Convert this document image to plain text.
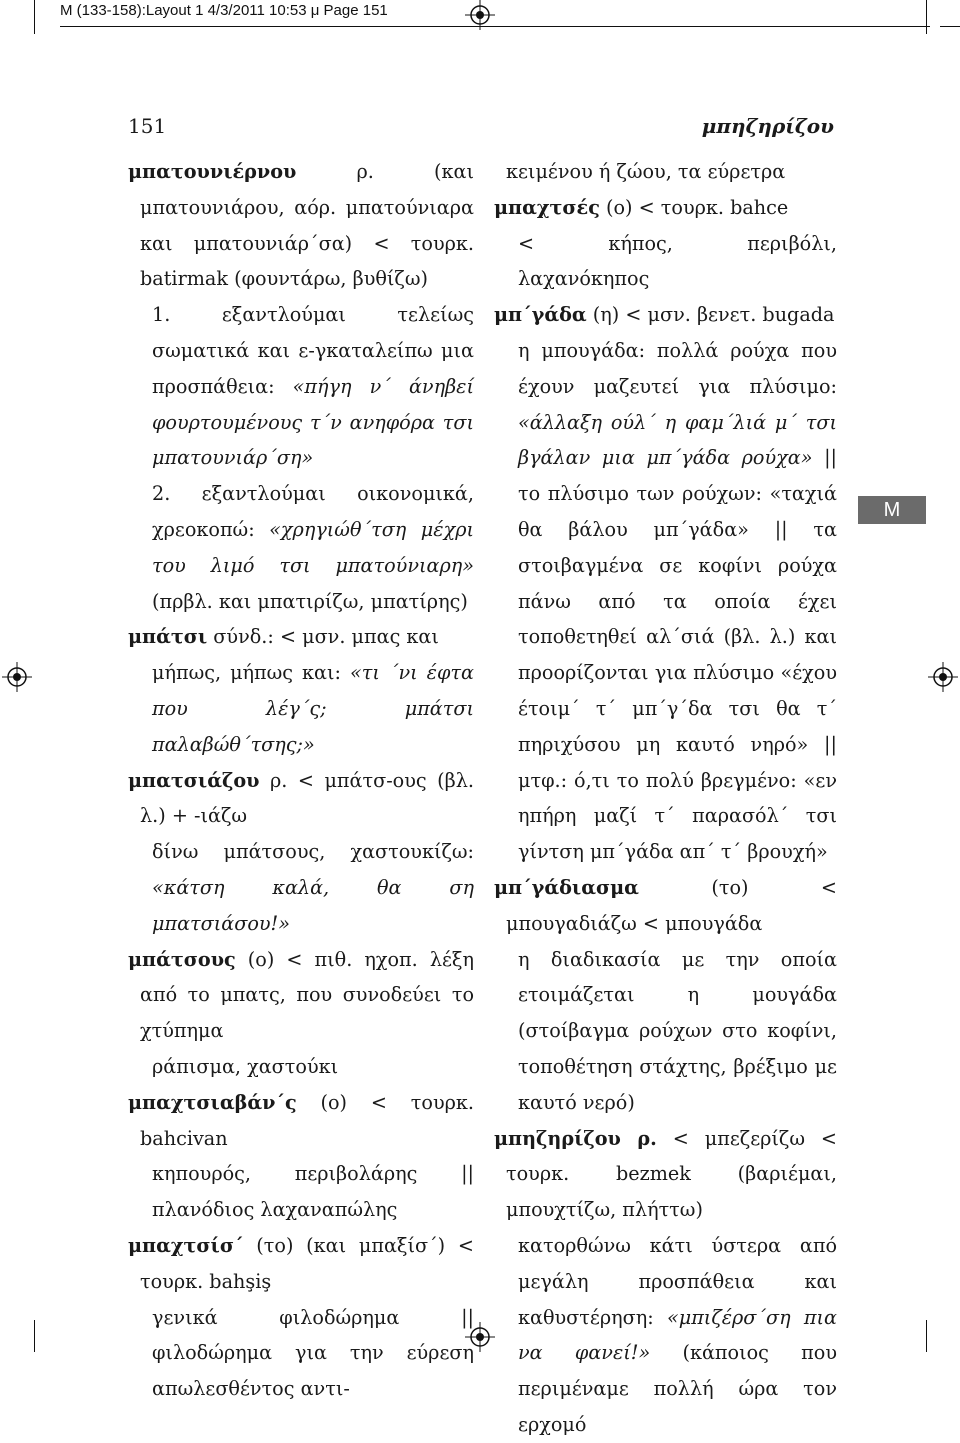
M (133-158):Layout 1 4/3/2011 10:53 μ Page 151
151	μπηζηρίζου
Μ

μπατουνιέρνου ρ. (και μπατουνιάρου, αόρ. μπατούνιαρα και μπατουνιάρ΄σα) < τουρκ. batirmak (φουντάρω, βυθίζω)
1. εξαντλούμαι τελείως σωματικά και ε-γκαταλείπω μια προσπάθεια: «πήγη ν΄ άνηβεί φουρτουμένους τ΄ν ανηφόρα τσι μπατουνιάρ΄ση»
2. εξαντλούμαι οικονομικά, χρεοκοπώ: «χρηγιώθ΄τση μέχρι του λιμό τσι μπατούνιαρη» (πρβλ. και μπατιρίζω, μπατίρης)

μπάτσι σύνδ.: < μσν. μπας και
μήπως, μήπως και: «τι ΄νι έφτα που λέγ΄ς; μπάτσι παλαβώθ΄τσης;»

μπατσιάζου ρ. < μπάτσ-ους (βλ. λ.) + -ιάζω
δίνω μπάτσους, χαστουκίζω: «κάτση καλά, θα ση μπατσιάσου!»

μπάτσους (ο) < πιθ. ηχοπ. λέξη από το μπατς, που συνοδεύει το χτύπημα
ράπισμα, χαστούκι

μπαχτσιαβάν΄ς (ο) < τουρκ. bahcivan
κηπουρός, περιβολάρης || πλανόδιος λαχαναπώλης

μπαχτσίσ΄ (το) (και μπαξίσ΄) < τουρκ. bahşiş
γενικά φιλοδώρημα || φιλοδώρημα για την εύρεση απωλεσθέντος αντι-

κειμένου ή ζώου, τα εύρετρα

μπαχτσές (ο) < τουρκ. bahce
< κήπος, περιβόλι, λαχανόκηπος

μπ΄γάδα (η) < μσν. βενετ. bugada
η μπουγάδα: πολλά ρούχα που έχουν μαζευτεί για πλύσιμο: «άλλαξη ούλ΄ η φαμ΄λιά μ΄ τσι βγάλαν μια μπ΄γάδα ρούχα» || το πλύσιμο των ρούχων: «ταχιά θα βάλου μπ΄γάδα» || τα στοιβαγμένα σε κοφίνι ρούχα πάνω από τα οποία έχει τοποθετηθεί αλ΄σιά (βλ. λ.) και προορίζονται για πλύσιμο «έχου έτοιμ΄ τ΄ μπ΄γ΄δα τσι θα τ΄ πηριχύσου μη καυτό νηρό» || μτφ.: ό,τι το πολύ βρεγμένο: «εν ηπήρη μαζί τ΄ παρασόλ΄ τσι γίντση μπ΄γάδα απ΄ τ΄ βρουχή»

μπ΄γάδιασμα (το) < μπουγαδιάζω < μπουγάδα
η διαδικασία με την οποία ετοιμάζεται η μουγάδα (στοίβαγμα ρούχων στο κοφίνι, τοποθέτηση στάχτης, βρέξιμο με καυτό νερό)

μπηζηρίζου ρ. < μπεζερίζω < τουρκ. bezmek (βαριέμαι, μπουχτίζω, πλήττω)
κατορθώνω κάτι ύστερα από μεγάλη προσπάθεια και καθυστέρηση: «μπιζέρσ΄ση πια να φανεί!» (κάποιος που περιμέναμε πολλή ώρα τον ερχομό
